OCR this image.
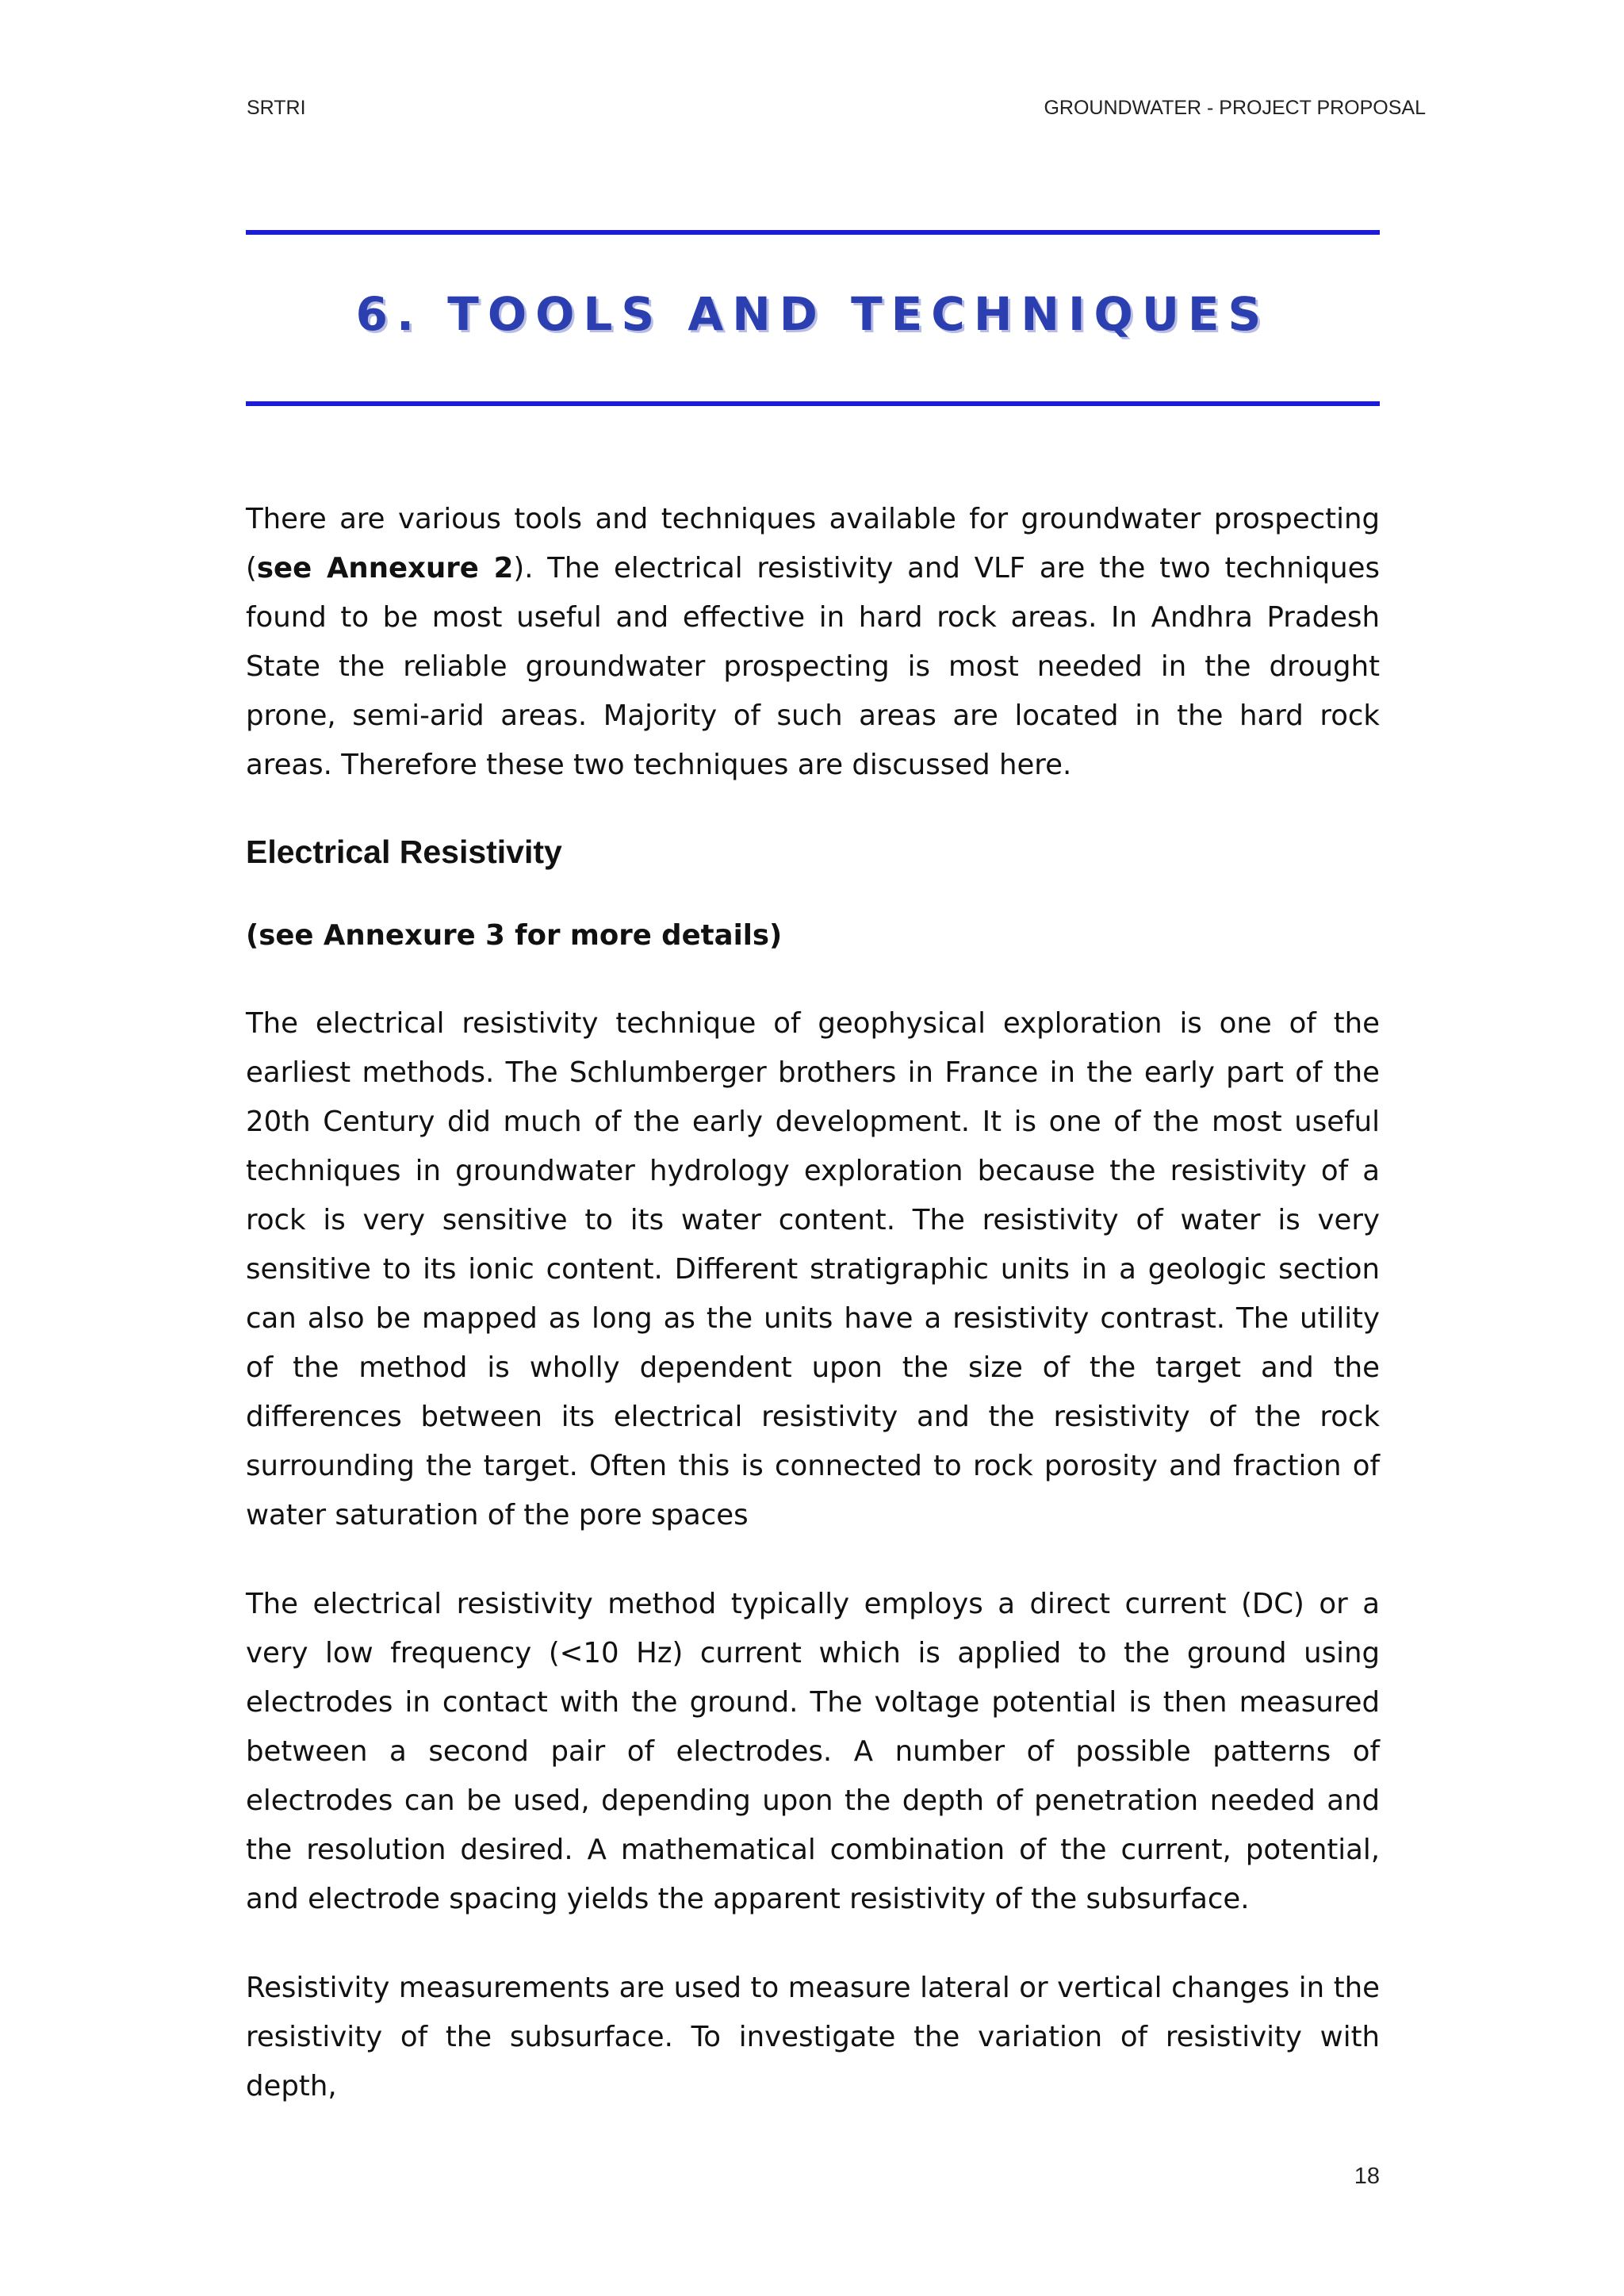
SRTRI	GROUNDWATER - PROJECT PROPOSAL
6. TOOLS AND TECHNIQUES

There are various tools and techniques available for groundwater prospecting (see Annexure 2). The electrical resistivity and VLF are the two techniques found to be most useful and effective in hard rock areas. In Andhra Pradesh State the reliable groundwater prospecting is most needed in the drought prone, semi-arid areas. Majority of such areas are located in the hard rock areas. Therefore these two techniques are discussed here.

Electrical Resistivity
(see Annexure 3 for more details)

The electrical resistivity technique of geophysical exploration is one of the earliest methods. The Schlumberger brothers in France in the early part of the 20th Century did much of the early development. It is one of the most useful techniques in groundwater hydrology exploration because the resistivity of a rock is very sensitive to its water content. The resistivity of water is very sensitive to its ionic content. Different stratigraphic units in a geologic section can also be mapped as long as the units have a resistivity contrast. The utility of the method is wholly dependent upon the size of the target and the differences between its electrical resistivity and the resistivity of the rock surrounding the target. Often this is connected to rock porosity and fraction of water saturation of the pore spaces

The electrical resistivity method typically employs a direct current (DC) or a very low frequency (<10 Hz) current which is applied to the ground using electrodes in contact with the ground. The voltage potential is then measured between a second pair of electrodes. A number of possible patterns of electrodes can be used, depending upon the depth of penetration needed and the resolution desired. A mathematical combination of the current, potential, and electrode spacing yields the apparent resistivity of the subsurface.

Resistivity measurements are used to measure lateral or vertical changes in the resistivity of the subsurface. To investigate the variation of resistivity with depth,

18
